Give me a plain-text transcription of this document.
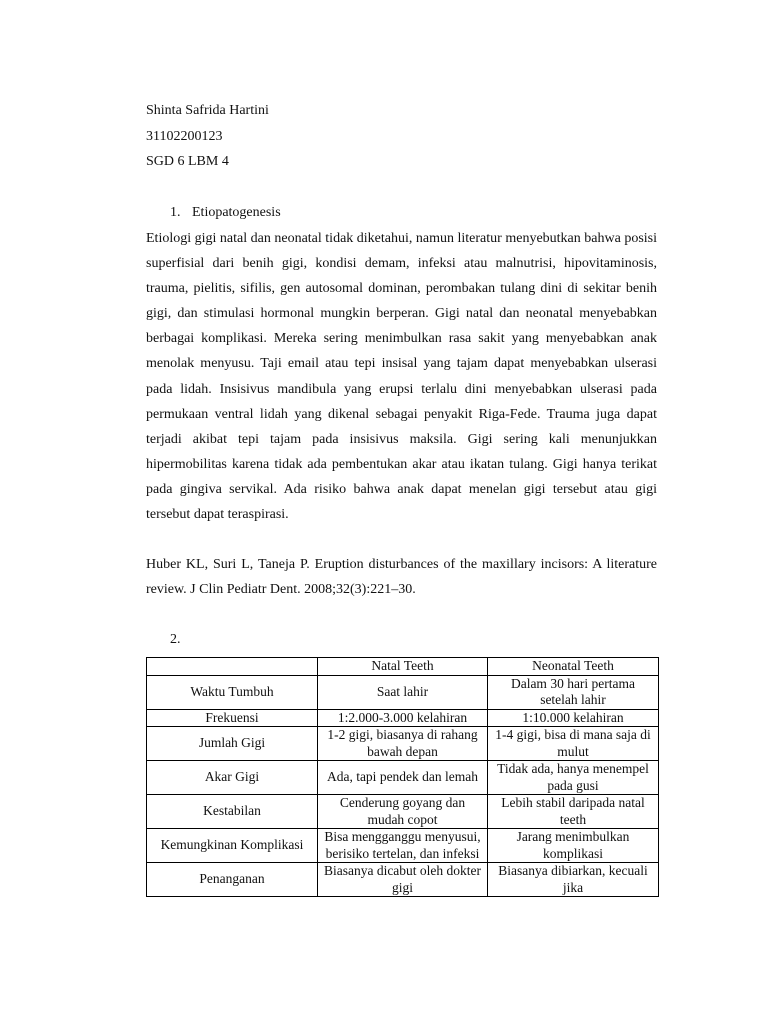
Shinta Safrida Hartini
31102200123
SGD 6 LBM 4
1. Etiopatogenesis

Etiologi gigi natal dan neonatal tidak diketahui, namun literatur menyebutkan bahwa posisi superfisial dari benih gigi, kondisi demam, infeksi atau malnutrisi, hipovitaminosis, trauma, pielitis, sifilis, gen autosomal dominan, perombakan tulang dini di sekitar benih gigi, dan stimulasi hormonal mungkin berperan. Gigi natal dan neonatal menyebabkan berbagai komplikasi. Mereka sering menimbulkan rasa sakit yang menyebabkan anak menolak menyusu. Taji email atau tepi insisal yang tajam dapat menyebabkan ulserasi pada lidah. Insisivus mandibula yang erupsi terlalu dini menyebabkan ulserasi pada permukaan ventral lidah yang dikenal sebagai penyakit Riga-Fede. Trauma juga dapat terjadi akibat tepi tajam pada insisivus maksila. Gigi sering kali menunjukkan hipermobilitas karena tidak ada pembentukan akar atau ikatan tulang. Gigi hanya terikat pada gingiva servikal. Ada risiko bahwa anak dapat menelan gigi tersebut atau gigi tersebut dapat teraspirasi.

Huber KL, Suri L, Taneja P. Eruption disturbances of the maxillary incisors: A literature review. J Clin Pediatr Dent. 2008;32(3):221–30.

2.
	Natal Teeth	Neonatal Teeth
Waktu Tumbuh	Saat lahir	Dalam 30 hari pertama setelah lahir
Frekuensi	1:2.000-3.000 kelahiran	1:10.000 kelahiran
Jumlah Gigi	1-2 gigi, biasanya di rahang bawah depan	1-4 gigi, bisa di mana saja di mulut
Akar Gigi	Ada, tapi pendek dan lemah	Tidak ada, hanya menempel pada gusi
Kestabilan	Cenderung goyang dan mudah copot	Lebih stabil daripada natal teeth
Kemungkinan Komplikasi	Bisa mengganggu menyusui, berisiko tertelan, dan infeksi	Jarang menimbulkan komplikasi
Penanganan	Biasanya dicabut oleh dokter gigi	Biasanya dibiarkan, kecuali jika
